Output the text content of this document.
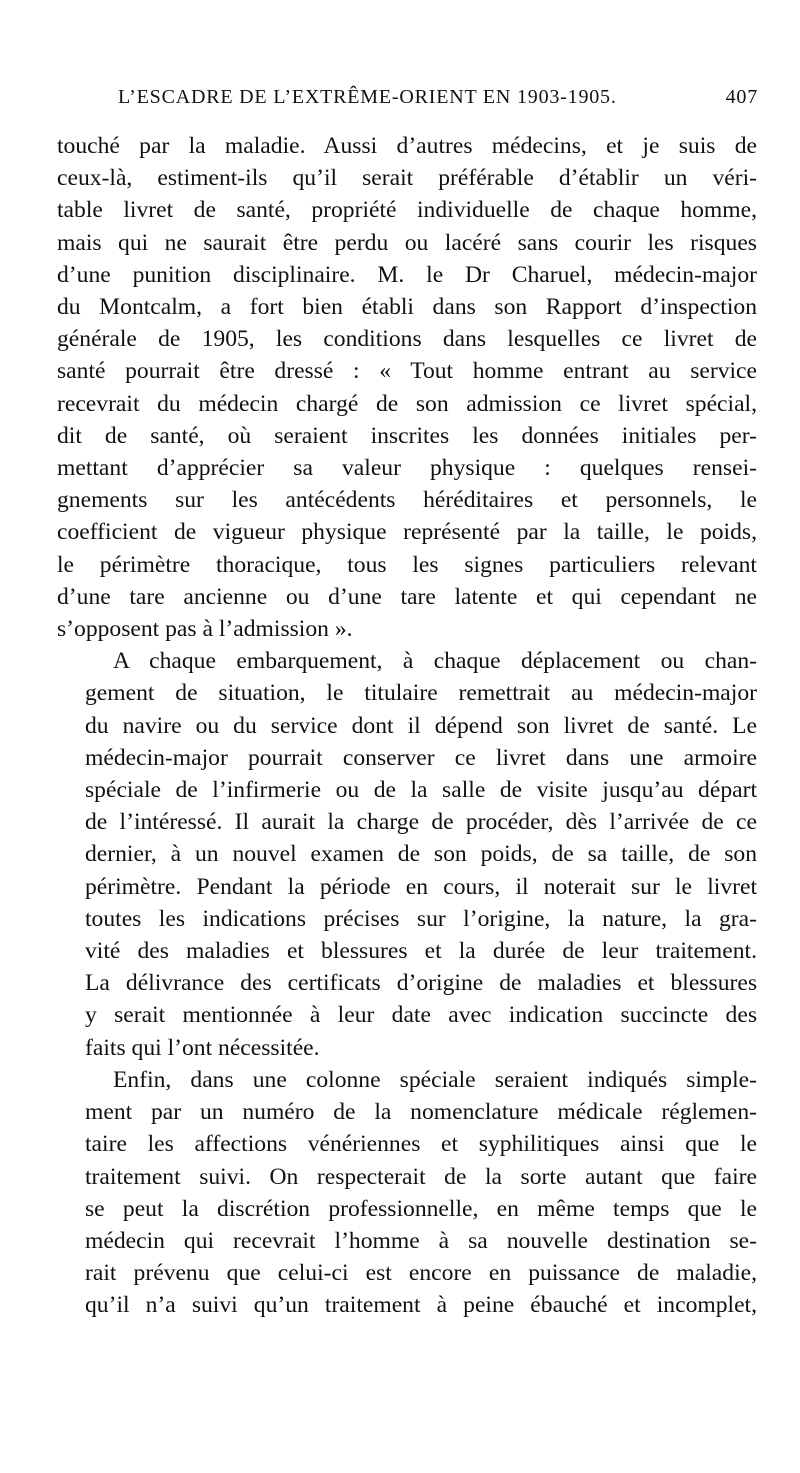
L’ESCADRE DE L’EXTRÊME-ORIENT EN 1903-1905.	407

touché par la maladie. Aussi d’autres médecins, et je suis de
ceux-là, estiment-ils qu’il serait préférable d’établir un véri-
table livret de santé, propriété individuelle de chaque homme,
mais qui ne saurait être perdu ou lacéré sans courir les risques
d’une punition disciplinaire. M. le Dr Charuel, médecin-major
du Montcalm, a fort bien établi dans son Rapport d’inspection
générale de 1905, les conditions dans lesquelles ce livret de
santé pourrait être dressé : « Tout homme entrant au service
recevrait du médecin chargé de son admission ce livret spécial,
dit de santé, où seraient inscrites les données initiales per-
mettant d’apprécier sa valeur physique : quelques rensei-
gnements sur les antécédents héréditaires et personnels, le
coefficient de vigueur physique représenté par la taille, le poids,
le périmètre thoracique, tous les signes particuliers relevant
d’une tare ancienne ou d’une tare latente et qui cependant ne
s’opposent pas à l’admission ».

A chaque embarquement, à chaque déplacement ou chan-
gement de situation, le titulaire remettrait au médecin-major
du navire ou du service dont il dépend son livret de santé. Le
médecin-major pourrait conserver ce livret dans une armoire
spéciale de l’infirmerie ou de la salle de visite jusqu’au départ
de l’intéressé. Il aurait la charge de procéder, dès l’arrivée de ce
dernier, à un nouvel examen de son poids, de sa taille, de son
périmètre. Pendant la période en cours, il noterait sur le livret
toutes les indications précises sur l’origine, la nature, la gra-
vité des maladies et blessures et la durée de leur traitement.
La délivrance des certificats d’origine de maladies et blessures
y serait mentionnée à leur date avec indication succincte des
faits qui l’ont nécessitée.

Enfin, dans une colonne spéciale seraient indiqués simple-
ment par un numéro de la nomenclature médicale réglemen-
taire les affections vénériennes et syphilitiques ainsi que le
traitement suivi. On respecterait de la sorte autant que faire
se peut la discrétion professionnelle, en même temps que le
médecin qui recevrait l’homme à sa nouvelle destination se-
rait prévenu que celui-ci est encore en puissance de maladie,
qu’il n’a suivi qu’un traitement à peine ébauché et incomplet,
